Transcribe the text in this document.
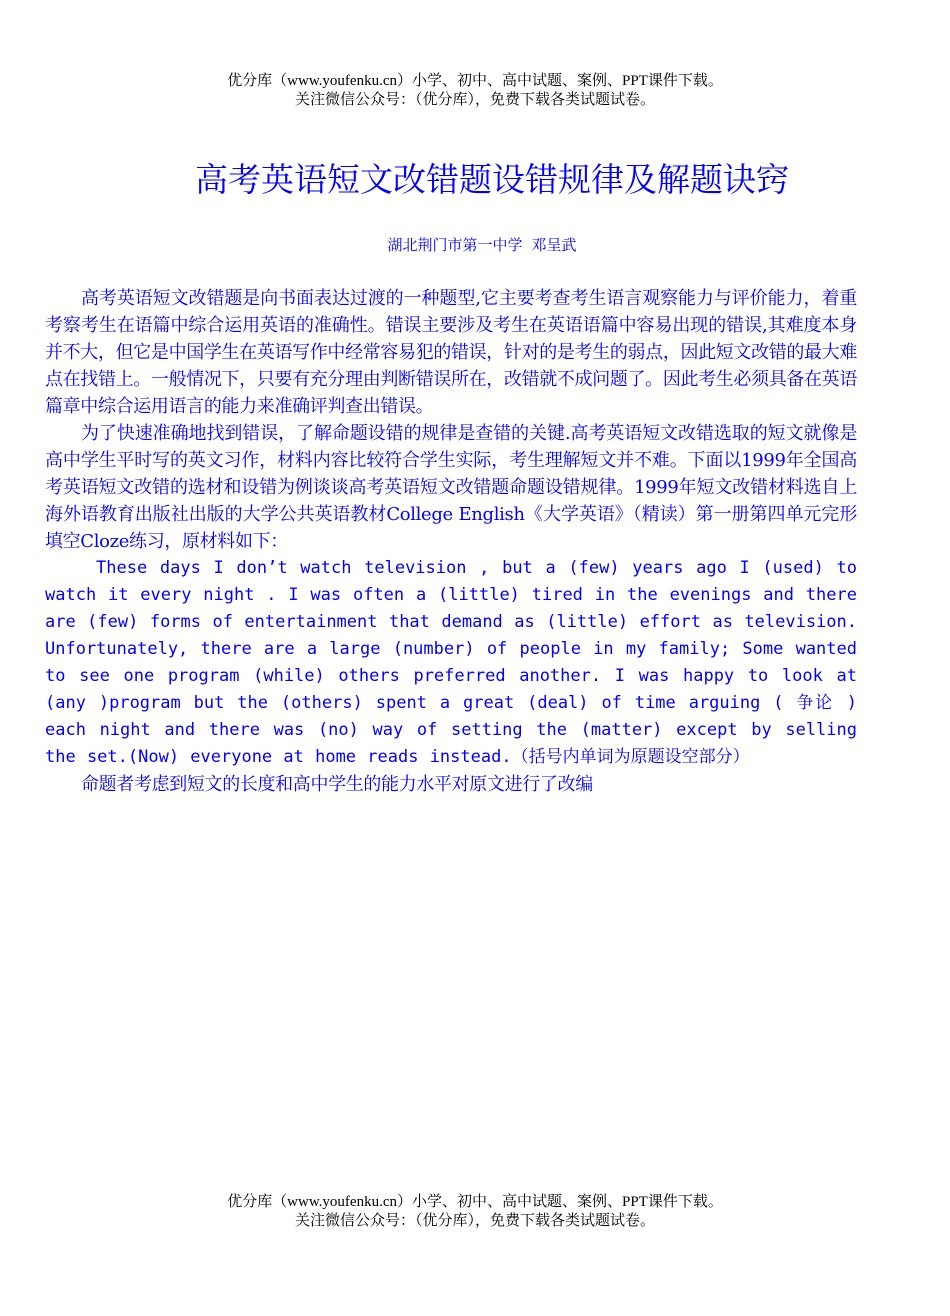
优分库（www.youfenku.cn）小学、初中、高中试题、案例、PPT课件下载。
关注微信公众号：（优分库），免费下载各类试题试卷。
高考英语短文改错题设错规律及解题诀窍
湖北荆门市第一中学 邓呈武

高考英语短文改错题是向书面表达过渡的一种题型,它主要考查考生语言观察能力与评价能力，着重考察考生在语篇中综合运用英语的准确性。错误主要涉及考生在英语语篇中容易出现的错误,其难度本身并不大，但它是中国学生在英语写作中经常容易犯的错误，针对的是考生的弱点，因此短文改错的最大难点在找错上。一般情况下，只要有充分理由判断错误所在，改错就不成问题了。因此考生必须具备在英语篇章中综合运用语言的能力来准确评判查出错误。

为了快速准确地找到错误，了解命题设错的规律是查错的关键.高考英语短文改错选取的短文就像是高中学生平时写的英文习作，材料内容比较符合学生实际，考生理解短文并不难。下面以1999年全国高考英语短文改错的选材和设错为例谈谈高考英语短文改错题命题设错规律。1999年短文改错材料选自上海外语教育出版社出版的大学公共英语教材College English《大学英语》（精读）第一册第四单元完形填空Cloze练习，原材料如下：

These days I don’t watch television , but a (few) years ago I (used) to watch it every night . I was often a (little) tired in the evenings and there are (few) forms of entertainment that demand as (little) effort as television. Unfortunately, there are a large (number) of people in my family; Some wanted to see one program (while) others preferred another. I was happy to look at (any )program but the (others) spent a great (deal) of time arguing ( 争论 ) each night and there was (no) way of setting the (matter) except by selling the set.(Now) everyone at home reads instead.（括号内单词为原题设空部分）

命题者考虑到短文的长度和高中学生的能力水平对原文进行了改编

优分库（www.youfenku.cn）小学、初中、高中试题、案例、PPT课件下载。
关注微信公众号：（优分库），免费下载各类试题试卷。
